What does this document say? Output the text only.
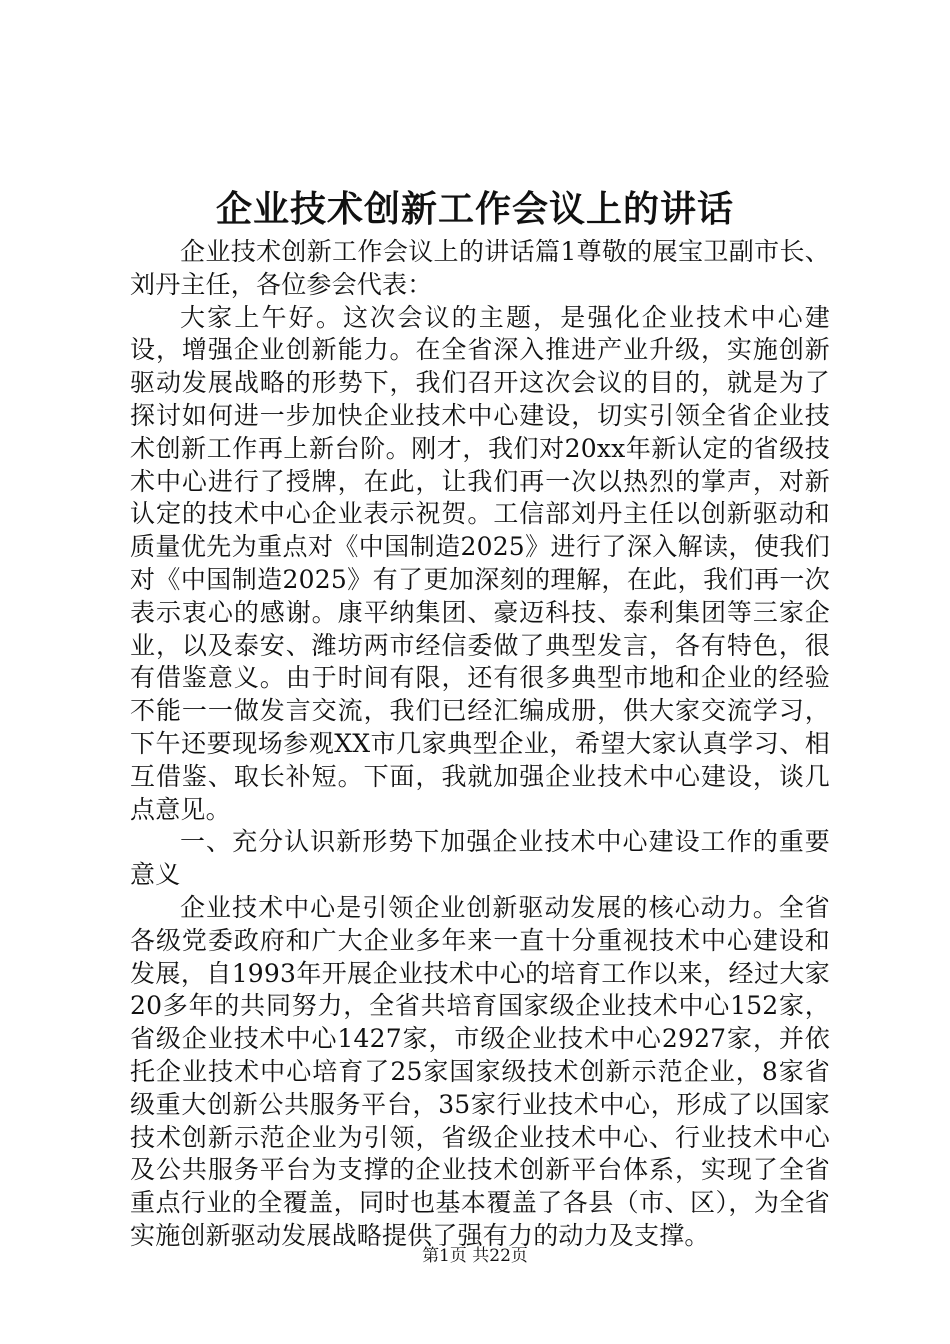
企业技术创新工作会议上的讲话

企业技术创新工作会议上的讲话篇1尊敬的展宝卫副市长、刘丹主任，各位参会代表：

大家上午好。这次会议的主题，是强化企业技术中心建设，增强企业创新能力。在全省深入推进产业升级，实施创新驱动发展战略的形势下，我们召开这次会议的目的，就是为了探讨如何进一步加快企业技术中心建设，切实引领全省企业技术创新工作再上新台阶。刚才，我们对20xx年新认定的省级技术中心进行了授牌，在此，让我们再一次以热烈的掌声，对新认定的技术中心企业表示祝贺。工信部刘丹主任以创新驱动和质量优先为重点对《中国制造2025》进行了深入解读，使我们对《中国制造2025》有了更加深刻的理解，在此，我们再一次表示衷心的感谢。康平纳集团、豪迈科技、泰利集团等三家企业，以及泰安、潍坊两市经信委做了典型发言，各有特色，很有借鉴意义。由于时间有限，还有很多典型市地和企业的经验不能一一做发言交流，我们已经汇编成册，供大家交流学习，下午还要现场参观XX市几家典型企业，希望大家认真学习、相互借鉴、取长补短。下面，我就加强企业技术中心建设，谈几点意见。

一、充分认识新形势下加强企业技术中心建设工作的重要意义

企业技术中心是引领企业创新驱动发展的核心动力。全省各级党委政府和广大企业多年来一直十分重视技术中心建设和发展，自1993年开展企业技术中心的培育工作以来，经过大家20多年的共同努力，全省共培育国家级企业技术中心152家，省级企业技术中心1427家，市级企业技术中心2927家，并依托企业技术中心培育了25家国家级技术创新示范企业，8家省级重大创新公共服务平台，35家行业技术中心，形成了以国家技术创新示范企业为引领，省级企业技术中心、行业技术中心及公共服务平台为支撑的企业技术创新平台体系，实现了全省重点行业的全覆盖，同时也基本覆盖了各县（市、区），为全省实施创新驱动发展战略提供了强有力的动力及支撑。

第1页 共22页
